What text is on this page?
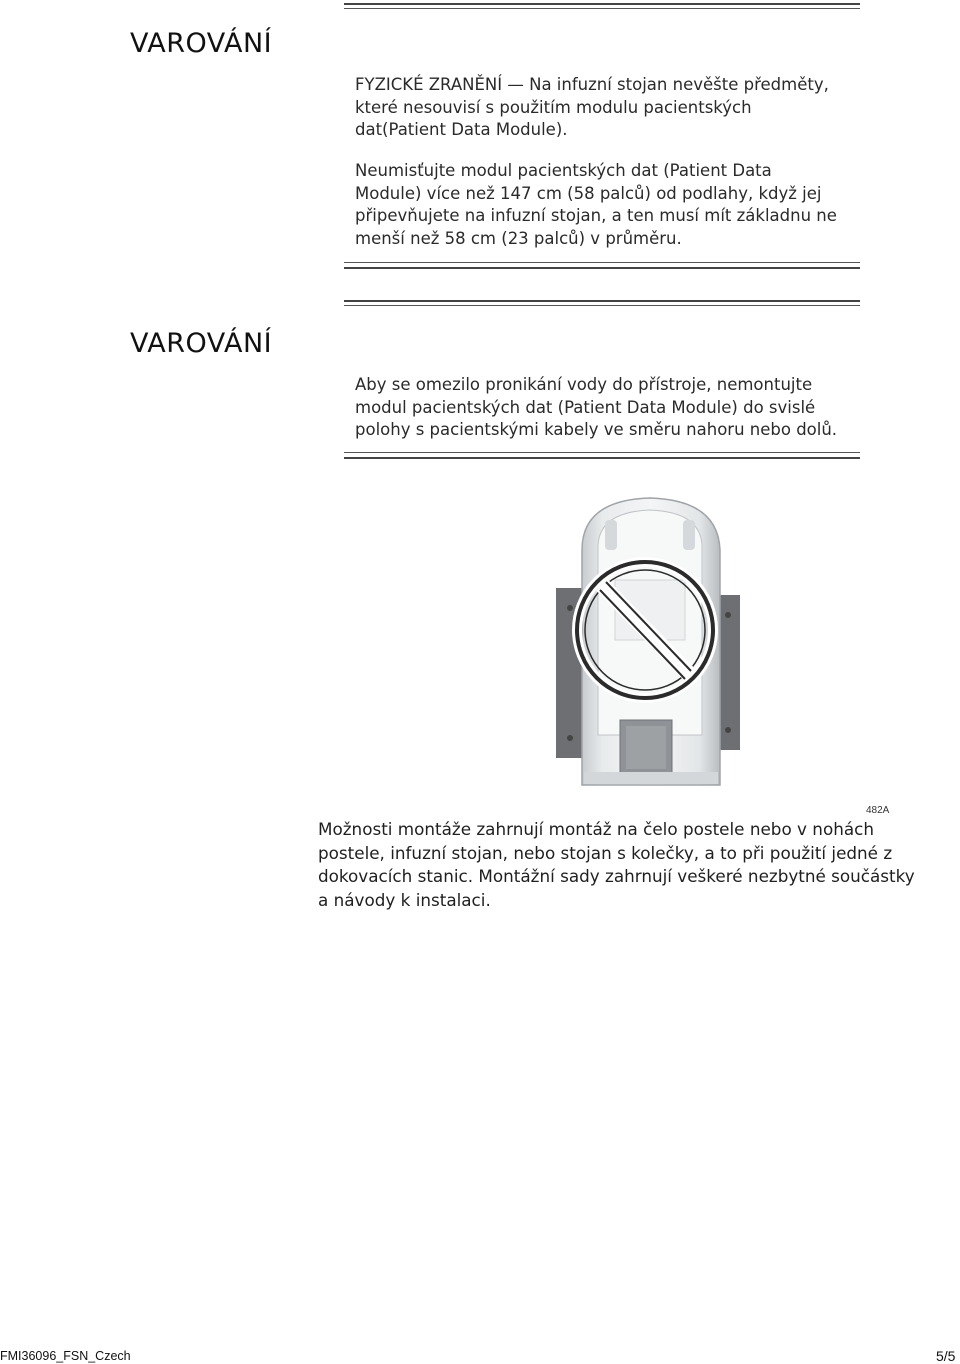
VAROVÁNÍ
FYZICKÉ ZRANĚNÍ — Na infuzní stojan nevěšte předměty,
které nesouvisí s použitím modulu pacientských
dat(Patient Data Module).
Neumisťujte modul pacientských dat (Patient Data
Module) více než 147 cm (58 palců) od podlahy, když jej
připevňujete na infuzní stojan, a ten musí mít základnu ne
menší než 58 cm (23 palců) v průměru.
VAROVÁNÍ
Aby se omezilo pronikání vody do přístroje, nemontujte
modul pacientských dat (Patient Data Module) do svislé
polohy s pacientskými kabely ve směru nahoru nebo dolů.
482A
Možnosti montáže zahrnují montáž na čelo postele nebo v nohách
postele, infuzní stojan, nebo stojan s kolečky, a to při použití jedné z
dokovacích stanic. Montážní sady zahrnují veškeré nezbytné součástky
a návody k instalaci.
FMI36096_FSN_Czech	5/5
